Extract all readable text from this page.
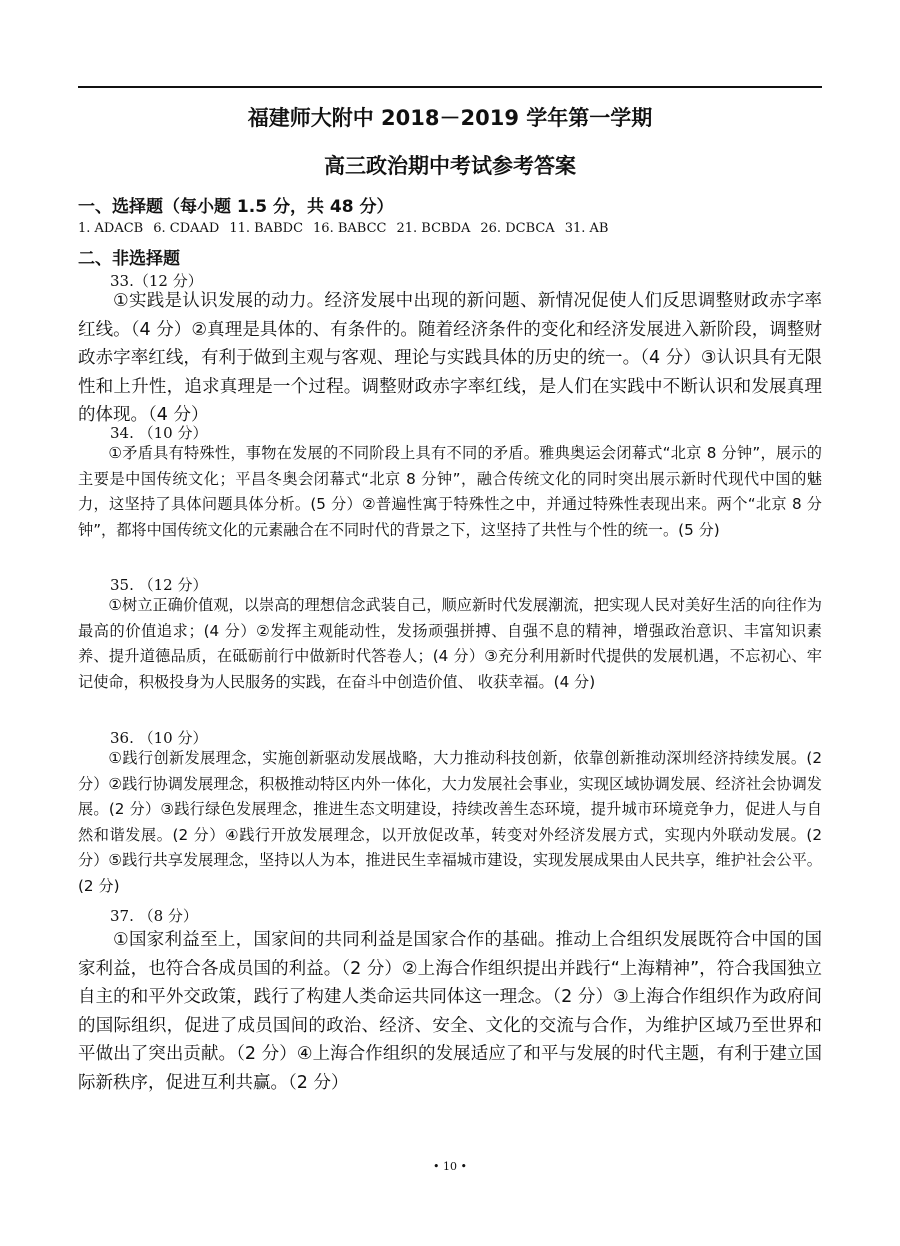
福建师大附中 2018－2019 学年第一学期
高三政治期中考试参考答案
一、选择题（每小题 1.5 分，共 48 分）
1. ADACB 6. CDAAD 11. BABDC 16. BABCC 21. BCBDA 26. DCBCA 31. AB
二、非选择题
33.（12 分）
①实践是认识发展的动力。经济发展中出现的新问题、新情况促使人们反思调整财政赤字率红线。（4 分）②真理是具体的、有条件的。随着经济条件的变化和经济发展进入新阶段，调整财政赤字率红线，有利于做到主观与客观、理论与实践具体的历史的统一。（4 分）③认识具有无限性和上升性，追求真理是一个过程。调整财政赤字率红线，是人们在实践中不断认识和发展真理的体现。（4 分）
34. （10 分）
①矛盾具有特殊性，事物在发展的不同阶段上具有不同的矛盾。雅典奥运会闭幕式“北京 8 分钟”，展示的主要是中国传统文化；平昌冬奥会闭幕式“北京 8 分钟”，融合传统文化的同时突出展示新时代现代中国的魅力，这坚持了具体问题具体分析。(5 分）②普遍性寓于特殊性之中，并通过特殊性表现出来。两个“北京 8 分钟”，都将中国传统文化的元素融合在不同时代的背景之下，这坚持了共性与个性的统一。(5 分)
35. （12 分）
①树立正确价值观，以崇高的理想信念武装自己，顺应新时代发展潮流，把实现人民对美好生活的向往作为最高的价值追求；(4 分）②发挥主观能动性，发扬顽强拼搏、自强不息的精神，增强政治意识、丰富知识素养、提升道德品质，在砥砺前行中做新时代答卷人；(4 分）③充分利用新时代提供的发展机遇，不忘初心、牢记使命，积极投身为人民服务的实践，在奋斗中创造价值、 收获幸福。(4 分)
36. （10 分）
①践行创新发展理念，实施创新驱动发展战略，大力推动科技创新，依靠创新推动深圳经济持续发展。(2 分）②践行协调发展理念，积极推动特区内外一体化，大力发展社会事业，实现区域协调发展、经济社会协调发展。(2 分）③践行绿色发展理念，推进生态文明建设，持续改善生态环境，提升城市环境竞争力，促进人与自然和谐发展。(2 分）④践行开放发展理念，以开放促改革，转变对外经济发展方式，实现内外联动发展。(2 分）⑤践行共享发展理念，坚持以人为本，推进民生幸福城市建设，实现发展成果由人民共享，维护社会公平。(2 分)
37. （8 分）
①国家利益至上，国家间的共同利益是国家合作的基础。推动上合组织发展既符合中国的国家利益，也符合各成员国的利益。（2 分）②上海合作组织提出并践行“上海精神”，符合我国独立自主的和平外交政策，践行了构建人类命运共同体这一理念。（2 分）③上海合作组织作为政府间的国际组织，促进了成员国间的政治、经济、安全、文化的交流与合作，为维护区域乃至世界和平做出了突出贡献。（2 分）④上海合作组织的发展适应了和平与发展的时代主题，有利于建立国际新秩序，促进互利共赢。（2 分）
• 10 •
